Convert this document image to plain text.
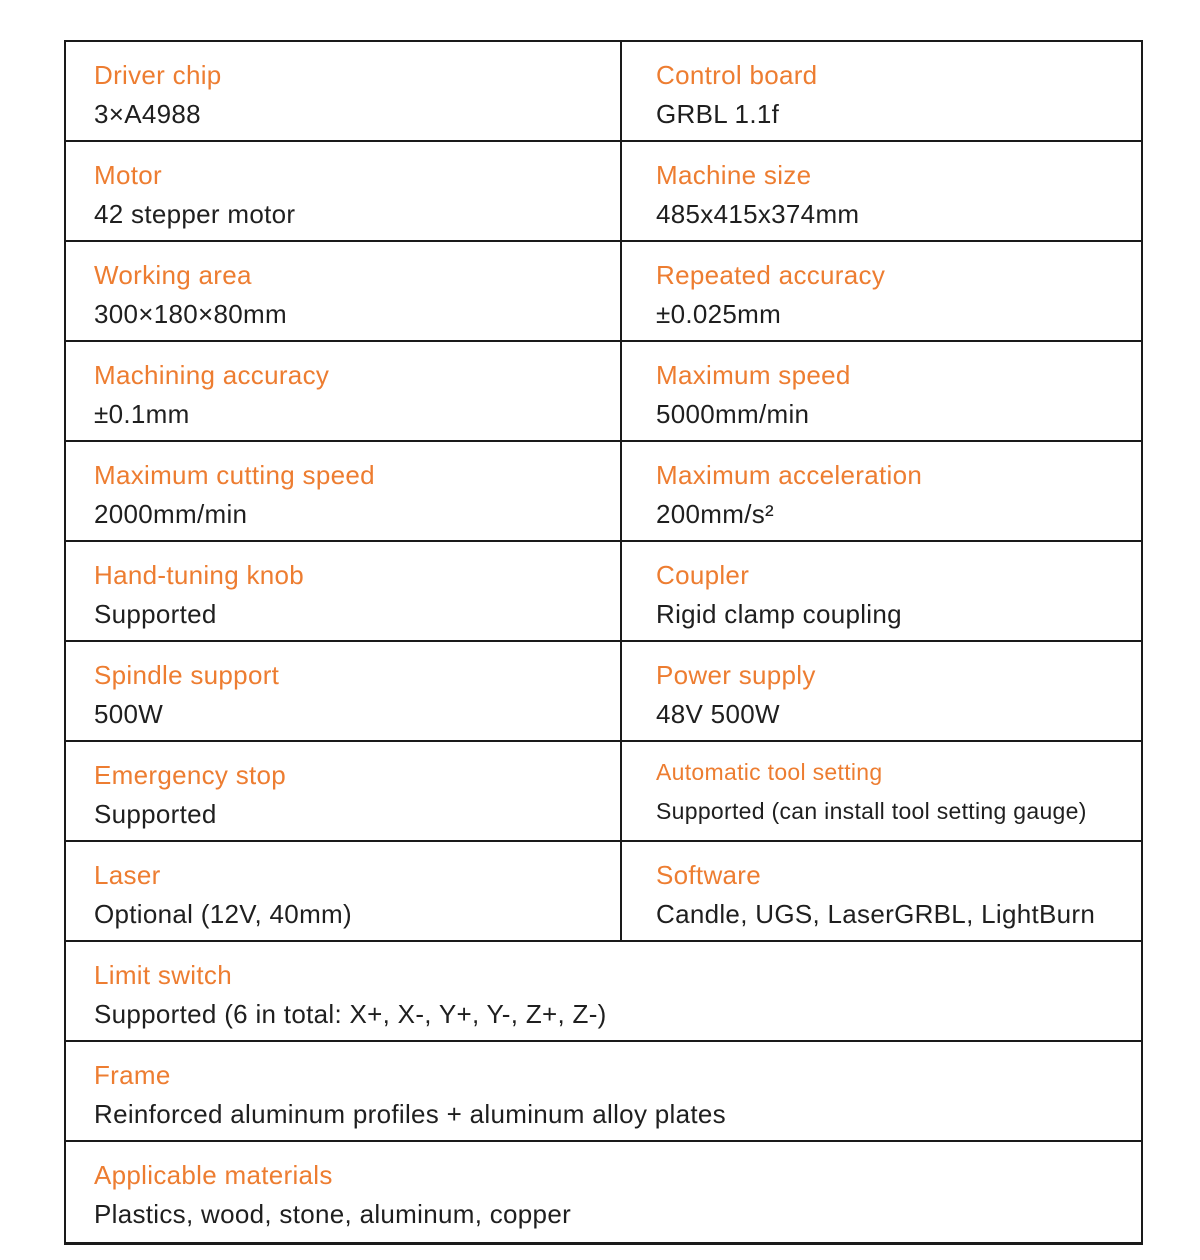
Driver chip
3×A4988
Control board
GRBL 1.1f
Motor
42 stepper motor
Machine size
485x415x374mm
Working area
300×180×80mm
Repeated accuracy
±0.025mm
Machining accuracy
±0.1mm
Maximum speed
5000mm/min
Maximum cutting speed
2000mm/min
Maximum acceleration
200mm/s²
Hand-tuning knob
Supported
Coupler
Rigid clamp coupling
Spindle support
500W
Power supply
48V 500W
Emergency stop
Supported
Automatic tool setting
Supported (can install tool setting gauge)
Laser
Optional (12V, 40mm)
Software
Candle, UGS, LaserGRBL, LightBurn
Limit switch
Supported (6 in total: X+, X-, Y+, Y-, Z+, Z-)
Frame
Reinforced aluminum profiles + aluminum alloy plates
Applicable materials
Plastics, wood, stone, aluminum, copper
